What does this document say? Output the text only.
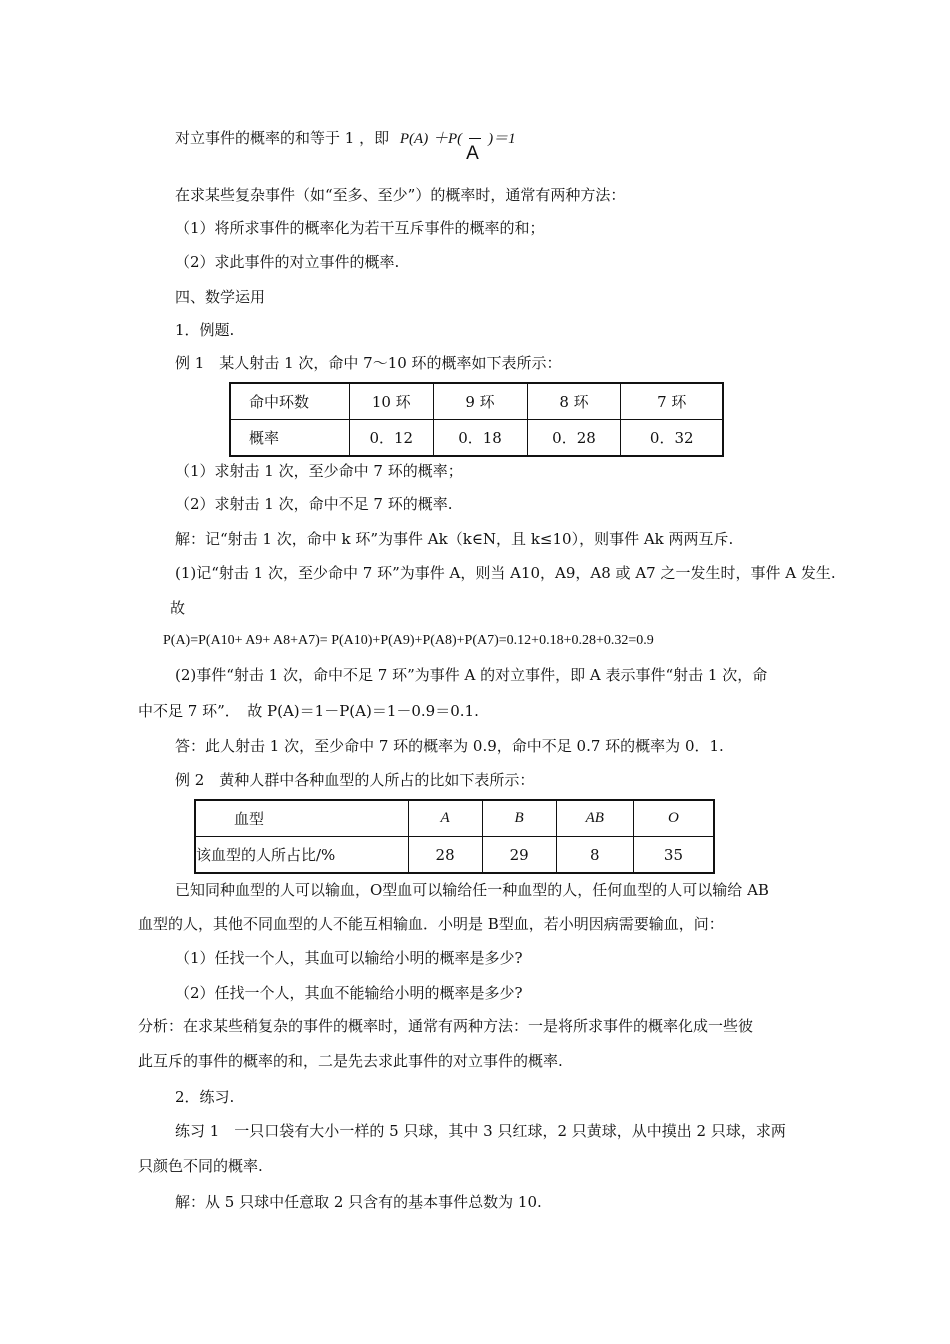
对立事件的概率的和等于 1 ，即 P(A) ＋P(
A
)＝1
在求某些复杂事件（如“至多、至少”）的概率时，通常有两种方法：
（1）将所求事件的概率化为若干互斥事件的概率的和；
（2）求此事件的对立事件的概率.
四、数学运用
1．例题.
例 1　某人射击 1 次，命中 7～10 环的概率如下表所示：
命中环数	10 环	9 环	8 环	7 环
概率	0．12	0．18	0．28	0．32
（1）求射击 1 次，至少命中 7 环的概率；
（2）求射击 1 次，命中不足 7 环的概率.
解：记“射击 1 次，命中 k 环”为事件 Ak（k∈N，且 k≤10），则事件 Ak 两两互斥.
(1)记“射击 1 次，至少命中 7 环”为事件 A，则当 A10，A9，A8 或 A7 之一发生时，事件 A 发生.
故
P(A)=P(A10+ A9+ A8+A7)= P(A10)+P(A9)+P(A8)+P(A7)=0.12+0.18+0.28+0.32=0.9
(2)事件“射击 1 次，命中不足 7 环”为事件 A 的对立事件，即 A 表示事件“射击 1 次，命
中不足 7 环”．　故 P(A)＝1－P(A)＝1－0.9＝0.1.
答：此人射击 1 次，至少命中 7 环的概率为 0.9，命中不足 0.7 环的概率为 0．1.
例 2　黄种人群中各种血型的人所占的比如下表所示：
血型	A	B	AB	O
该血型的人所占比/%	28	29	8	35
已知同种血型的人可以输血，O型血可以输给任一种血型的人，任何血型的人可以输给 AB
血型的人，其他不同血型的人不能互相输血．小明是 B型血，若小明因病需要输血，问：
（1）任找一个人，其血可以输给小明的概率是多少?
（2）任找一个人，其血不能输给小明的概率是多少?
分析：在求某些稍复杂的事件的概率时，通常有两种方法：一是将所求事件的概率化成一些彼
此互斥的事件的概率的和，二是先去求此事件的对立事件的概率.
2．练习.
练习 1　一只口袋有大小一样的 5 只球，其中 3 只红球，2 只黄球，从中摸出 2 只球，求两
只颜色不同的概率.
解：从 5 只球中任意取 2 只含有的基本事件总数为 10.
